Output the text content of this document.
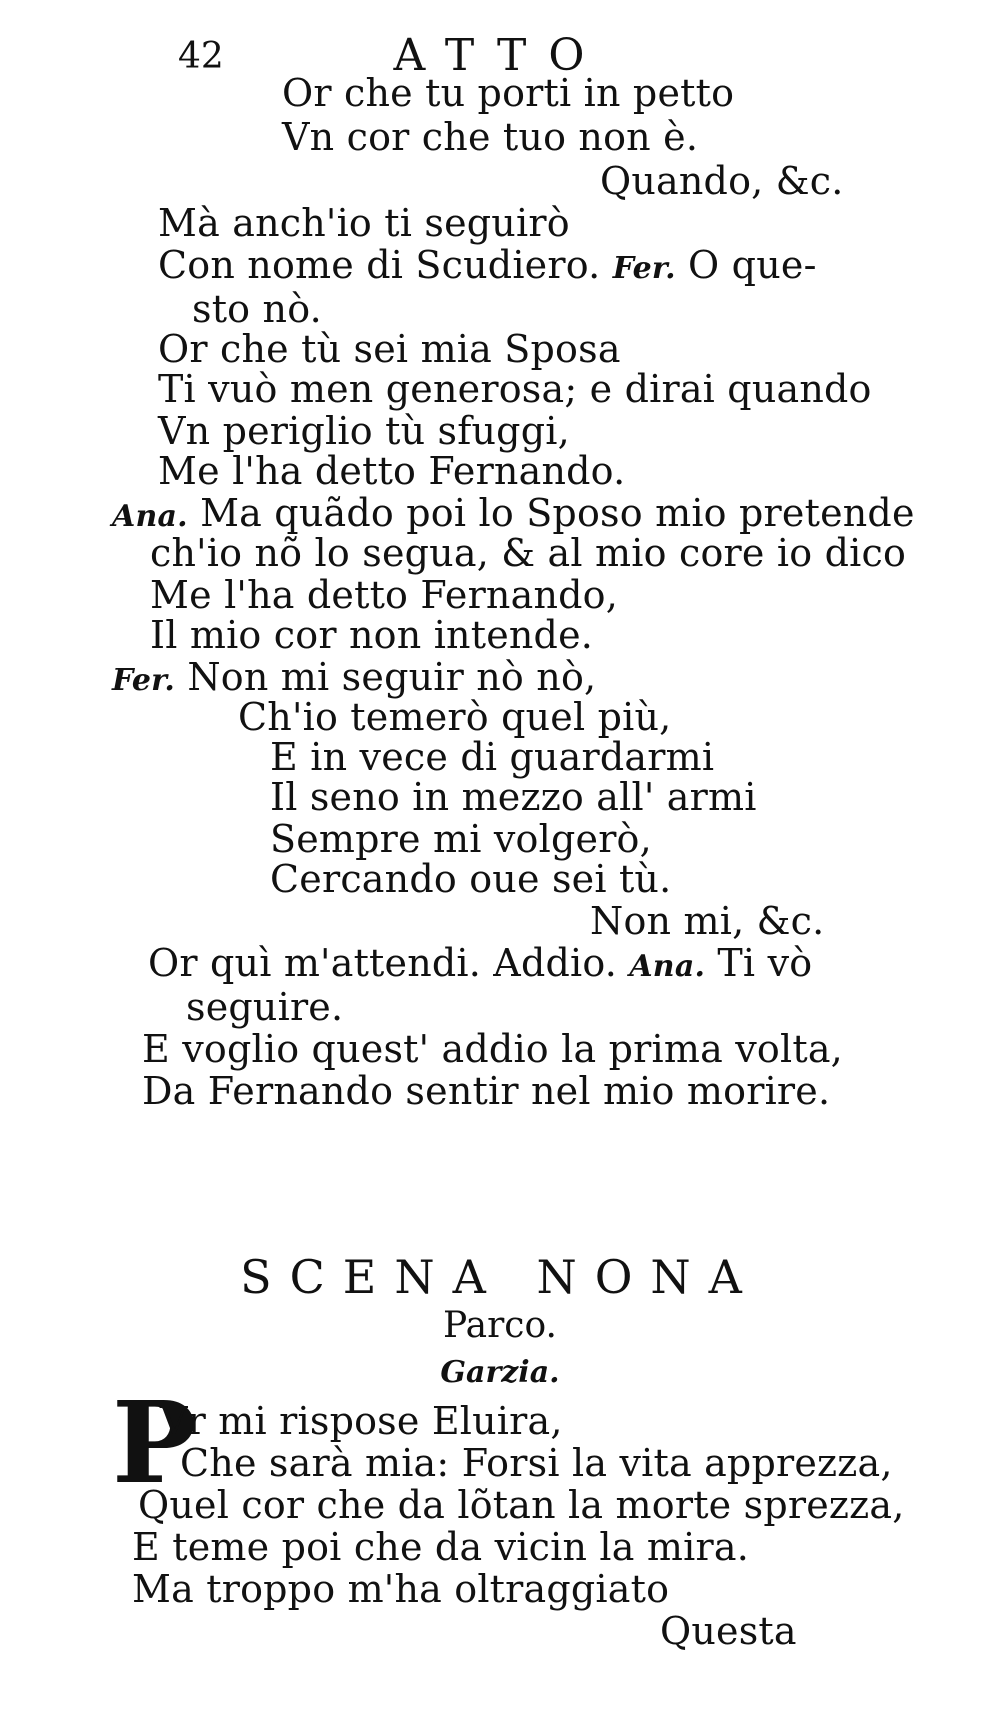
42	ATTO
Or che tu porti in petto
Vn cor che tuo non è.
Quando, &c.
Mà anch'io ti seguirò
Con nome di Scudiero. Fer. O que-
sto nò.
Or che tù sei mia Sposa
Ti vuò men generosa; e dirai quando
Vn periglio tù sfuggi,
Me l'ha detto Fernando.
Ana. Ma quãdo poi lo Sposo mio pretende
ch'io nõ lo segua, & al mio core io dico
Me l'ha detto Fernando,
Il mio cor non intende.
Fer. Non mi seguir nò nò,
Ch'io temerò quel più,
E in vece di guardarmi
Il seno in mezzo all' armi
Sempre mi volgerò,
Cercando oue sei tù.
Non mi, &c.
Or quì m'attendi. Addio. Ana. Ti vò
seguire.
E voglio quest' addio la prima volta,
Da Fernando sentir nel mio morire.
SCENA NONA
Parco.
Garzia.
P
Vr mi rispose Eluira,
Che sarà mia: Forsi la vita apprezza,
Quel cor che da lõtan la morte sprezza,
E teme poi che da vicin la mira.
Ma troppo m'ha oltraggiato
Questa
